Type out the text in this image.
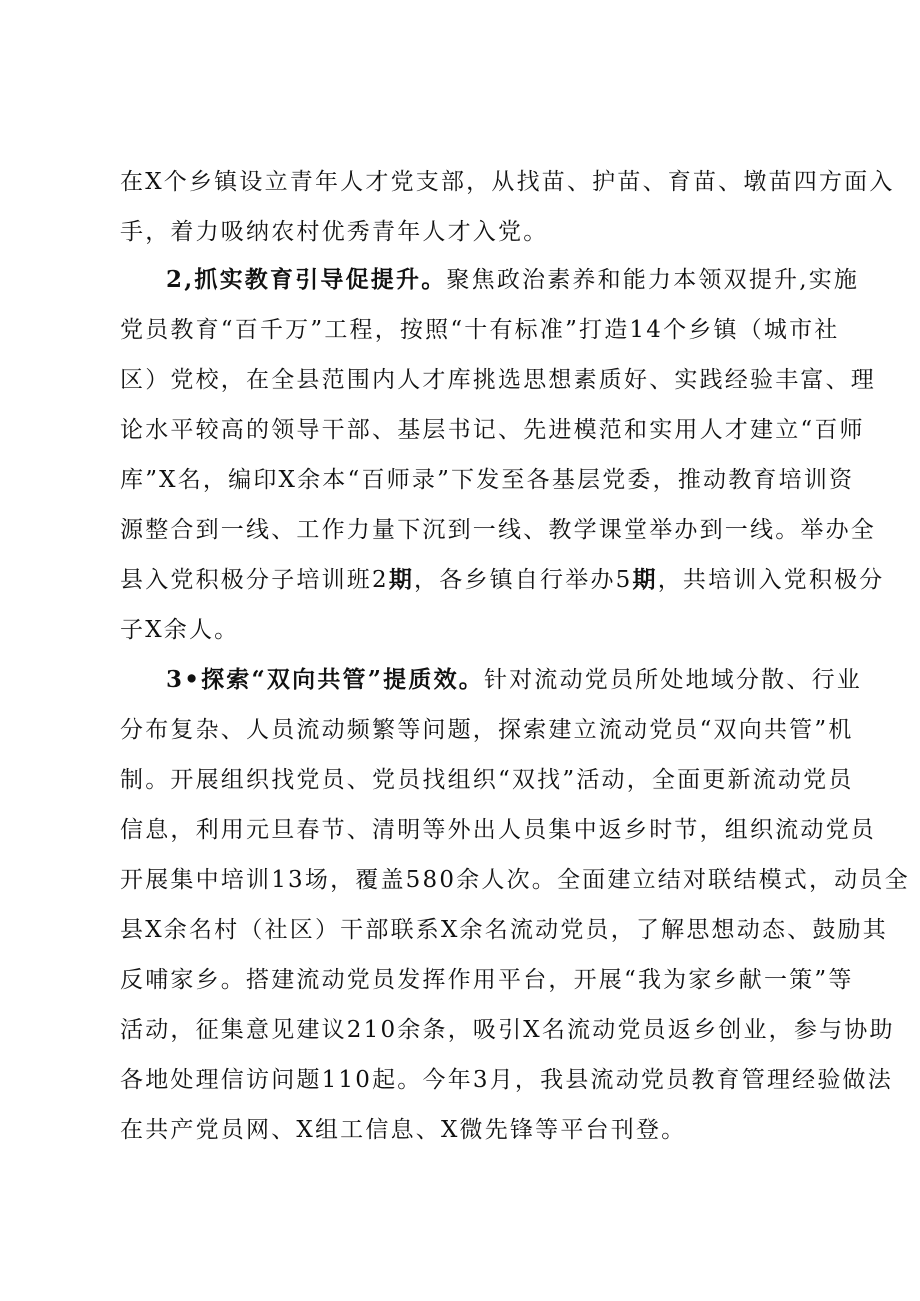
在X个乡镇设立青年人才党支部，从找苗、护苗、育苗、墩苗四方面入
手，着力吸纳农村优秀青年人才入党。
2,抓实教育引导促提升。聚焦政治素养和能力本领双提升,实施
党员教育“百千万”工程，按照“十有标准”打造14个乡镇（城市社
区）党校，在全县范围内人才库挑选思想素质好、实践经验丰富、理
论水平较高的领导干部、基层书记、先进模范和实用人才建立“百师
库”X名，编印X余本“百师录”下发至各基层党委，推动教育培训资
源整合到一线、工作力量下沉到一线、教学课堂举办到一线。举办全
县入党积极分子培训班2期，各乡镇自行举办5期，共培训入党积极分
子X余人。
3•探索“双向共管”提质效。针对流动党员所处地域分散、行业
分布复杂、人员流动频繁等问题，探索建立流动党员“双向共管”机
制。开展组织找党员、党员找组织“双找”活动，全面更新流动党员
信息，利用元旦春节、清明等外出人员集中返乡时节，组织流动党员
开展集中培训13场，覆盖580余人次。全面建立结对联结模式，动员全
县X余名村（社区）干部联系X余名流动党员，了解思想动态、鼓励其
反哺家乡。搭建流动党员发挥作用平台，开展“我为家乡献一策”等
活动，征集意见建议210余条，吸引X名流动党员返乡创业，参与协助
各地处理信访问题110起。今年3月，我县流动党员教育管理经验做法
在共产党员网、X组工信息、X微先锋等平台刊登。
